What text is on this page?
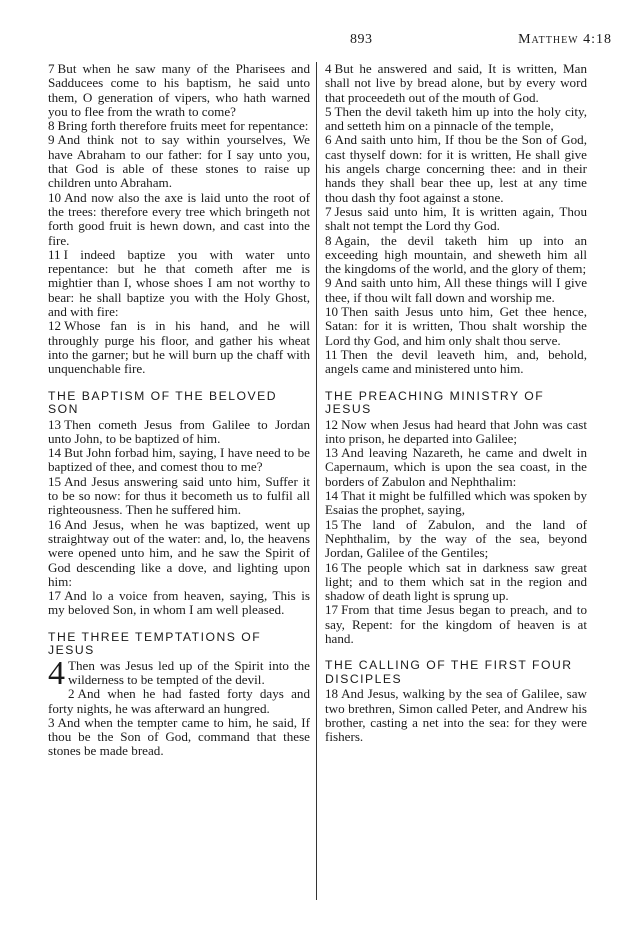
893	Matthew 4:18

7 But when he saw many of the Pharisees and Sadducees come to his baptism, he said unto them, O generation of vipers, who hath warned you to flee from the wrath to come?

8 Bring forth therefore fruits meet for repentance:

9 And think not to say within yourselves, We have Abraham to our father: for I say unto you, that God is able of these stones to raise up children unto Abraham.

10 And now also the axe is laid unto the root of the trees: therefore every tree which bringeth not forth good fruit is hewn down, and cast into the fire.

11 I indeed baptize you with water unto repentance: but he that cometh after me is mightier than I, whose shoes I am not worthy to bear: he shall baptize you with the Holy Ghost, and with fire:

12 Whose fan is in his hand, and he will throughly purge his floor, and gather his wheat into the garner; but he will burn up the chaff with unquenchable fire.

THE BAPTISM OF THE BELOVED SON

13 Then cometh Jesus from Galilee to Jordan unto John, to be baptized of him.

14 But John forbad him, saying, I have need to be baptized of thee, and comest thou to me?

15 And Jesus answering said unto him, Suffer it to be so now: for thus it becometh us to fulfil all righteousness. Then he suffered him.

16 And Jesus, when he was baptized, went up straightway out of the water: and, lo, the heavens were opened unto him, and he saw the Spirit of God descending like a dove, and lighting upon him:

17 And lo a voice from heaven, saying, This is my beloved Son, in whom I am well pleased.

THE THREE TEMPTATIONS OF JESUS

4 Then was Jesus led up of the Spirit into the wilderness to be tempted of the devil.

2 And when he had fasted forty days and forty nights, he was afterward an hungred.

3 And when the tempter came to him, he said, If thou be the Son of God, command that these stones be made bread.

4 But he answered and said, It is written, Man shall not live by bread alone, but by every word that proceedeth out of the mouth of God.

5 Then the devil taketh him up into the holy city, and setteth him on a pinnacle of the temple,

6 And saith unto him, If thou be the Son of God, cast thyself down: for it is written, He shall give his angels charge concerning thee: and in their hands they shall bear thee up, lest at any time thou dash thy foot against a stone.

7 Jesus said unto him, It is written again, Thou shalt not tempt the Lord thy God.

8 Again, the devil taketh him up into an exceeding high mountain, and sheweth him all the kingdoms of the world, and the glory of them;

9 And saith unto him, All these things will I give thee, if thou wilt fall down and worship me.

10 Then saith Jesus unto him, Get thee hence, Satan: for it is written, Thou shalt worship the Lord thy God, and him only shalt thou serve.

11 Then the devil leaveth him, and, behold, angels came and ministered unto him.

THE PREACHING MINISTRY OF JESUS

12 Now when Jesus had heard that John was cast into prison, he departed into Galilee;

13 And leaving Nazareth, he came and dwelt in Capernaum, which is upon the sea coast, in the borders of Zabulon and Nephthalim:

14 That it might be fulfilled which was spoken by Esaias the prophet, saying,

15 The land of Zabulon, and the land of Nephthalim, by the way of the sea, beyond Jordan, Galilee of the Gentiles;

16 The people which sat in darkness saw great light; and to them which sat in the region and shadow of death light is sprung up.

17 From that time Jesus began to preach, and to say, Repent: for the kingdom of heaven is at hand.

THE CALLING OF THE FIRST FOUR DISCIPLES

18 And Jesus, walking by the sea of Galilee, saw two brethren, Simon called Peter, and Andrew his brother, casting a net into the sea: for they were fishers.
